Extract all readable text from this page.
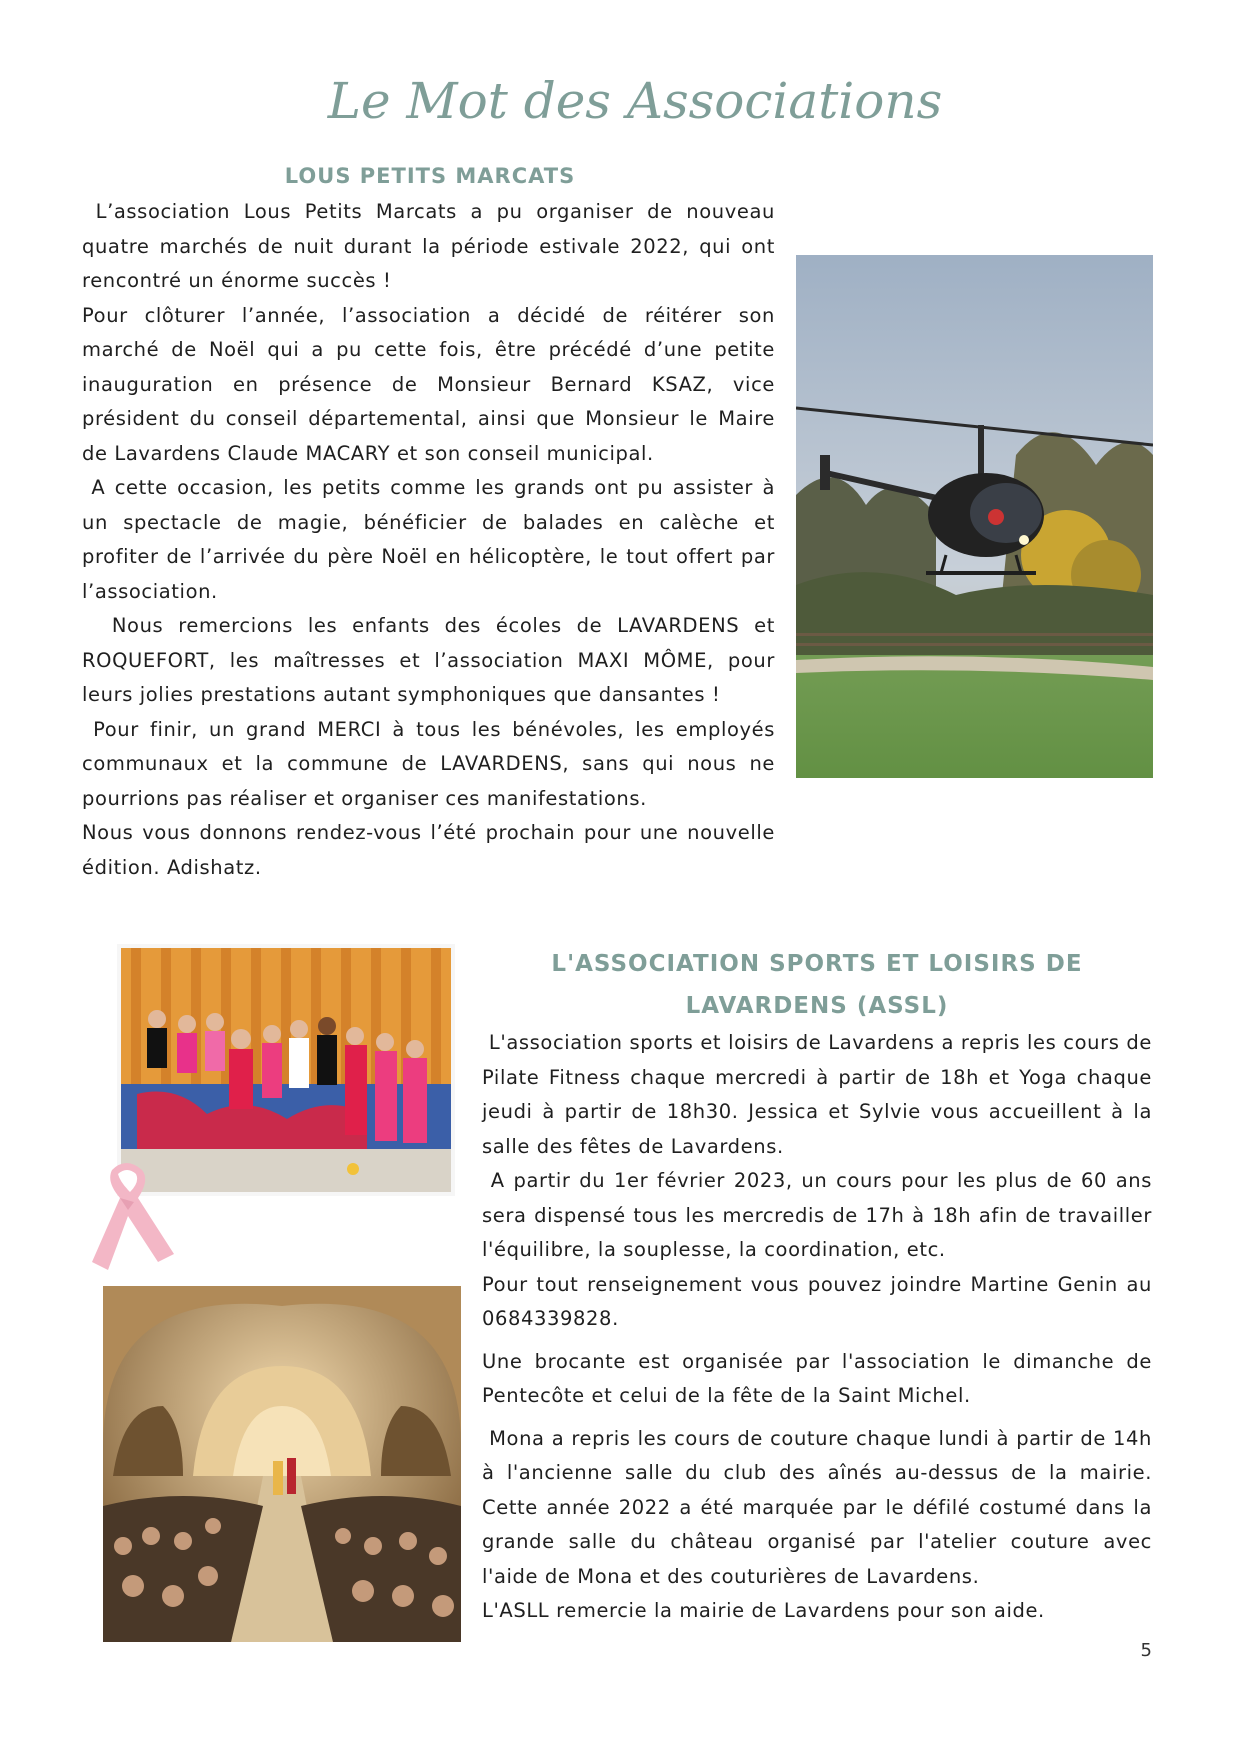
Le Mot des Associations
LOUS PETITS MARCATS

L’association Lous Petits Marcats a pu organiser de nouveau quatre marchés de nuit durant la période estivale 2022, qui ont rencontré un énorme succès !

Pour clôturer l’année, l’association a décidé de réitérer son marché de Noël qui a pu cette fois, être précédé d’une petite inauguration en présence de Monsieur Bernard KSAZ, vice président du conseil départemental, ainsi que Monsieur le Maire de Lavardens Claude MACARY et son conseil municipal.

A cette occasion, les petits comme les grands ont pu assister à un spectacle de magie, bénéficier de balades en calèche et profiter de l’arrivée du père Noël en hélicoptère, le tout offert par l’association.

Nous remercions les enfants des écoles de LAVARDENS et ROQUEFORT, les maîtresses et l’association MAXI MÔME, pour leurs jolies prestations autant symphoniques que dansantes !

Pour finir, un grand MERCI à tous les bénévoles, les employés communaux et la commune de LAVARDENS, sans qui nous ne pourrions pas réaliser et organiser ces manifestations.

Nous vous donnons rendez-vous l’été prochain pour une nouvelle édition. Adishatz.

L'ASSOCIATION SPORTS ET LOISIRS DE LAVARDENS (ASSL)

L'association sports et loisirs de Lavardens a repris les cours de Pilate Fitness chaque mercredi à partir de 18h et Yoga chaque jeudi à partir de 18h30. Jessica et Sylvie vous accueillent à la salle des fêtes de Lavardens.

A partir du 1er février 2023, un cours pour les plus de 60 ans sera dispensé tous les mercredis de 17h à 18h afin de travailler l'équilibre, la souplesse, la coordination, etc.

Pour tout renseignement vous pouvez joindre Martine Genin au 0684339828.

Une brocante est organisée par l'association le dimanche de Pentecôte et celui de la fête de la Saint Michel.

Mona a repris les cours de couture chaque lundi à partir de 14h à l'ancienne salle du club des aînés au-dessus de la mairie. Cette année 2022 a été marquée par le défilé costumé dans la grande salle du château organisé par l'atelier couture avec l'aide de Mona et des couturières de Lavardens.

L'ASLL remercie la mairie de Lavardens pour son aide.

5
